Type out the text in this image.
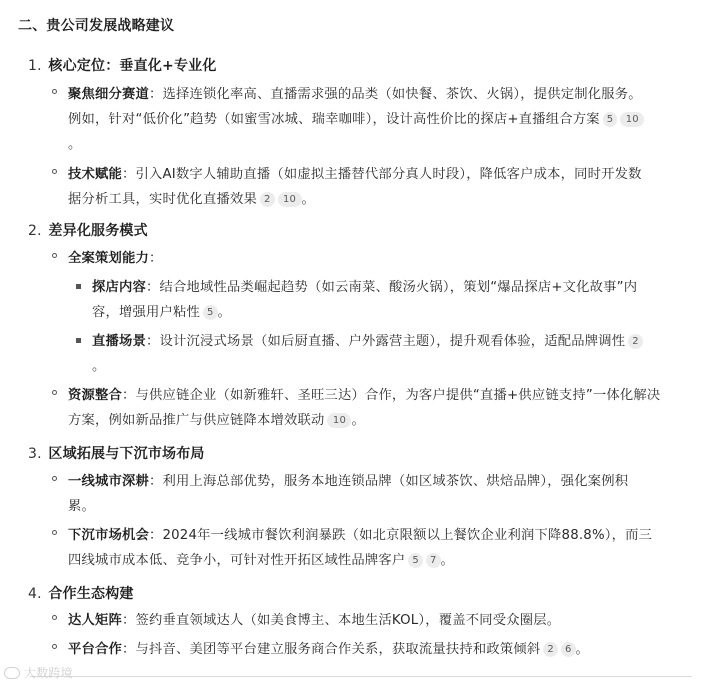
二、贵公司发展战略建议
1. 核心定位：垂直化+专业化
聚焦细分赛道：选择连锁化率高、直播需求强的品类（如快餐、茶饮、火锅），提供定制化服务。
例如，针对“低价化”趋势（如蜜雪冰城、瑞幸咖啡），设计高性价比的探店+直播组合方案 5 10
。
技术赋能：引入AI数字人辅助直播（如虚拟主播替代部分真人时段），降低客户成本，同时开发数
据分析工具，实时优化直播效果 2 10 。
2. 差异化服务模式
全案策划能力：
探店内容：结合地域性品类崛起趋势（如云南菜、酸汤火锅），策划“爆品探店+文化故事”内
容，增强用户粘性 5 。
直播场景：设计沉浸式场景（如后厨直播、户外露营主题），提升观看体验，适配品牌调性 2
。
资源整合：与供应链企业（如新雅轩、圣旺三达）合作，为客户提供“直播+供应链支持”一体化解决
方案，例如新品推广与供应链降本增效联动 10 。
3. 区域拓展与下沉市场布局
一线城市深耕：利用上海总部优势，服务本地连锁品牌（如区域茶饮、烘焙品牌），强化案例积
累。
下沉市场机会：2024年一线城市餐饮利润暴跌（如北京限额以上餐饮企业利润下降88.8%），而三
四线城市成本低、竞争小，可针对性开拓区域性品牌客户 5 7 。
4. 合作生态构建
达人矩阵：签约垂直领域达人（如美食博主、本地生活KOL），覆盖不同受众圈层。
平台合作：与抖音、美团等平台建立服务商合作关系，获取流量扶持和政策倾斜 2 6 。
大数跨境
